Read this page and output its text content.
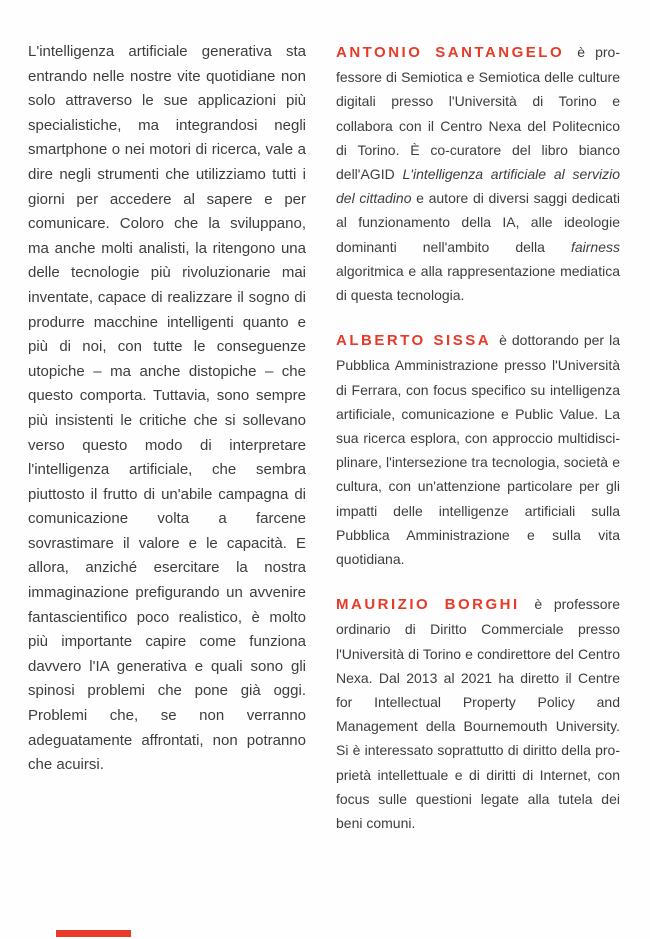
L'intelligenza artificiale generativa sta entrando nelle nostre vite quotidiane non solo attraverso le sue applicazioni più specialistiche, ma integrandosi negli smartphone o nei motori di ricerca, vale a dire negli strumenti che utilizziamo tutti i giorni per accedere al sapere e per comunicare. Coloro che la sviluppano, ma anche molti analisti, la ritengono una delle tecnologie più rivoluzionarie mai inventate, capace di realizzare il sogno di produrre macchine intelligenti quanto e più di noi, con tutte le conseguenze utopiche – ma anche distopiche – che questo comporta. Tuttavia, sono sempre più insistenti le critiche che si sollevano verso questo modo di interpretare l'intelligenza artificiale, che sembra piuttosto il frutto di un'abile campagna di comunicazione volta a farcene sovrastimare il valore e le capacità. E allora, anziché esercitare la nostra immaginazione prefigurando un avvenire fantascientifico poco realistico, è molto più importante capire come funziona davvero l'IA generativa e quali sono gli spinosi problemi che pone già oggi. Problemi che, se non verranno adeguatamente affrontati, non potranno che acuirsi.

ANTONIO SANTANGELO è professore di Semiotica e Semiotica delle culture digitali presso l'Università di Torino e collabora con il Centro Nexa del Politecnico di Torino. È co-curatore del libro bianco dell'AGID L'intelligenza artificiale al servizio del cittadino e autore di diversi saggi dedicati al funzionamento della IA, alle ideologie dominanti nell'ambito della fairness algoritmica e alla rappresentazione mediatica di questa tecnologia.

ALBERTO SISSA è dottorando per la Pubblica Amministrazione presso l'Università di Ferrara, con focus specifico su intelligenza artificiale, comunicazione e Public Value. La sua ricerca esplora, con approccio multidisciplinare, l'intersezione tra tecnologia, società e cultura, con un'attenzione particolare per gli impatti delle intelligenze artificiali sulla Pubblica Amministrazione e sulla vita quotidiana.

MAURIZIO BORGHI è professore ordinario di Diritto Commerciale presso l'Università di Torino e condirettore del Centro Nexa. Dal 2013 al 2021 ha diretto il Centre for Intellectual Property Policy and Management della Bournemouth University. Si è interessato soprattutto di diritto della proprietà intellettuale e di diritti di Internet, con focus sulle questioni legate alla tutela dei beni comuni.
